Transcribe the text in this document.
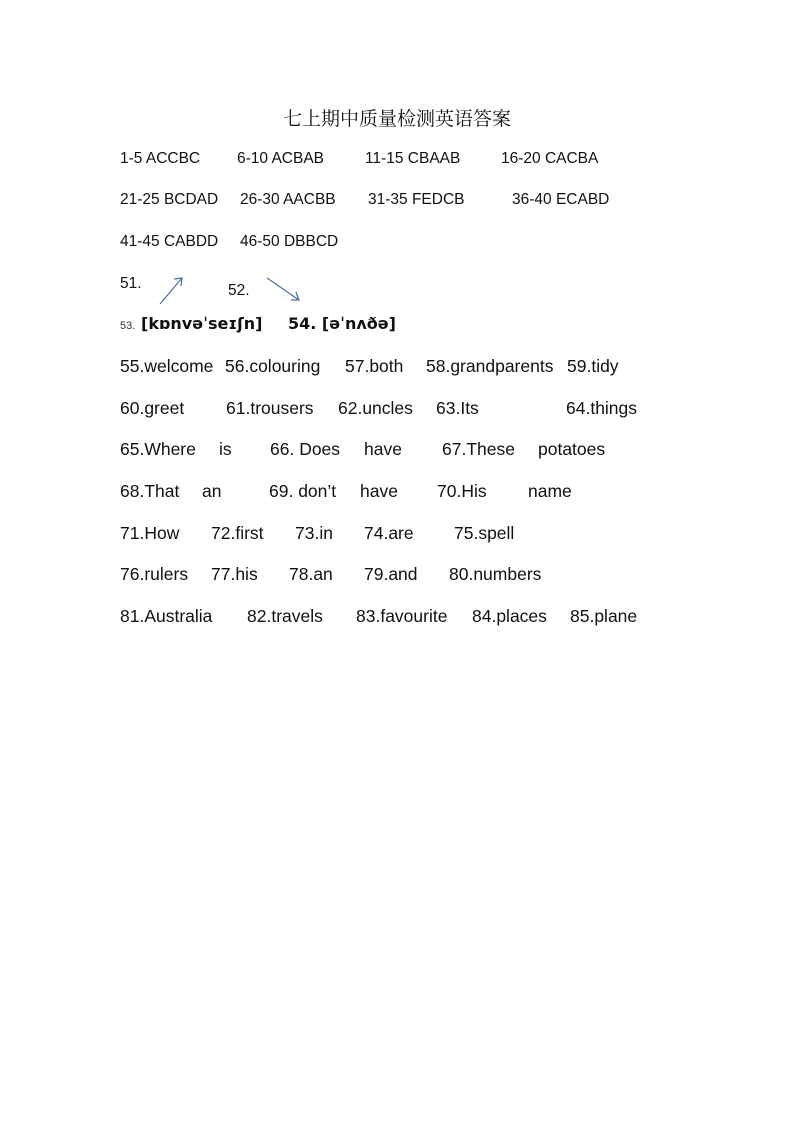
七上期中质量检测英语答案
1-5 ACCBC 6-10 ACBAB	11-15 CBAAB	16-20 CACBA
21-25 BCDAD 26-30 AACBB 31-35 FEDCB	36-40 ECABD
41-45 CABDD 46-50 DBBCD
51.	52.
53. [kɒnvəˈseɪʃn] 54. [əˈnʌðə]
55.welcome 56.colouring 57.both 58.grandparents 59.tidy
60.greet 61.trousers 62.uncles 63.Its	64.things
65.Where is 66. Does have 67.These potatoes
68.That an	69. don’t have 70.His name
71.How 72.first 73.in 74.are 75.spell
76.rulers 77.his 78.an 79.and 80.numbers
81.Australia 82.travels 83.favourite 84.places 85.plane
